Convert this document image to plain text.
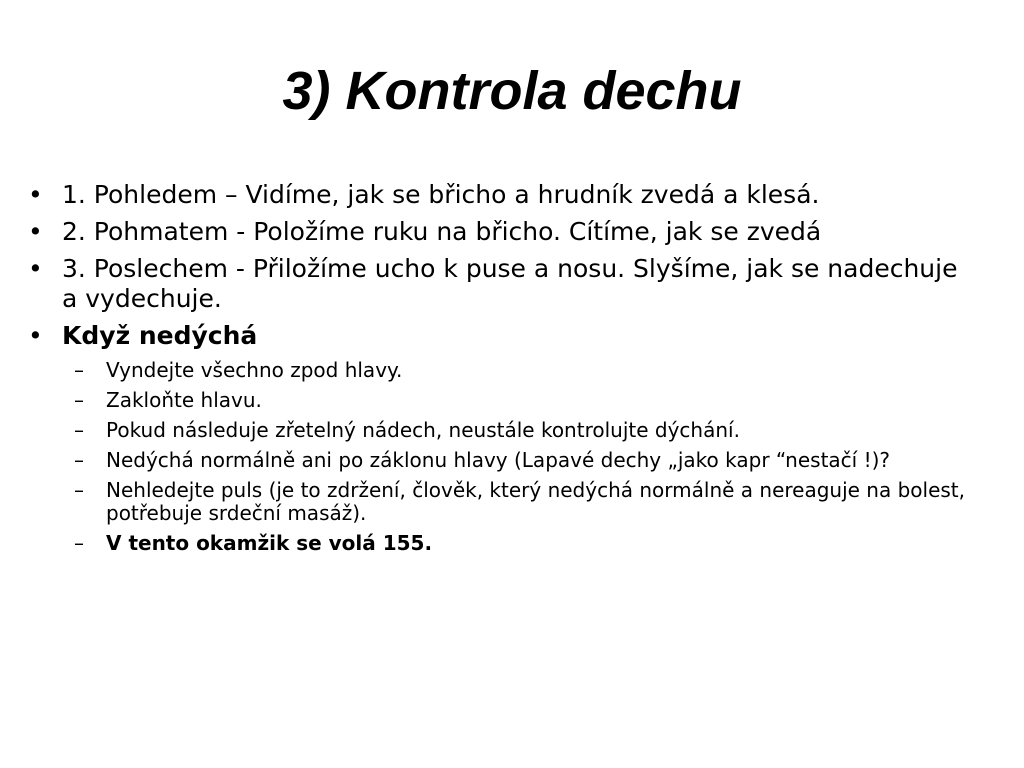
3) Kontrola dechu
• 1. Pohledem – Vidíme, jak se břicho a hrudník zvedá a klesá.
• 2. Pohmatem - Položíme ruku na břicho. Cítíme, jak se zvedá
• 3. Poslechem - Přiložíme ucho k puse a nosu. Slyšíme, jak se nadechuje a vydechuje.
• Když nedýchá
–	Vyndejte všechno zpod hlavy.
–	Zakloňte hlavu.
–	Pokud následuje zřetelný nádech, neustále kontrolujte dýchání.
–	Nedýchá normálně ani po záklonu hlavy (Lapavé dechy „jako kapr “nestačí !)?
–	Nehledejte puls (je to zdržení, člověk, který nedýchá normálně a nereaguje na bolest, potřebuje srdeční masáž).
–	V tento okamžik se volá 155.
